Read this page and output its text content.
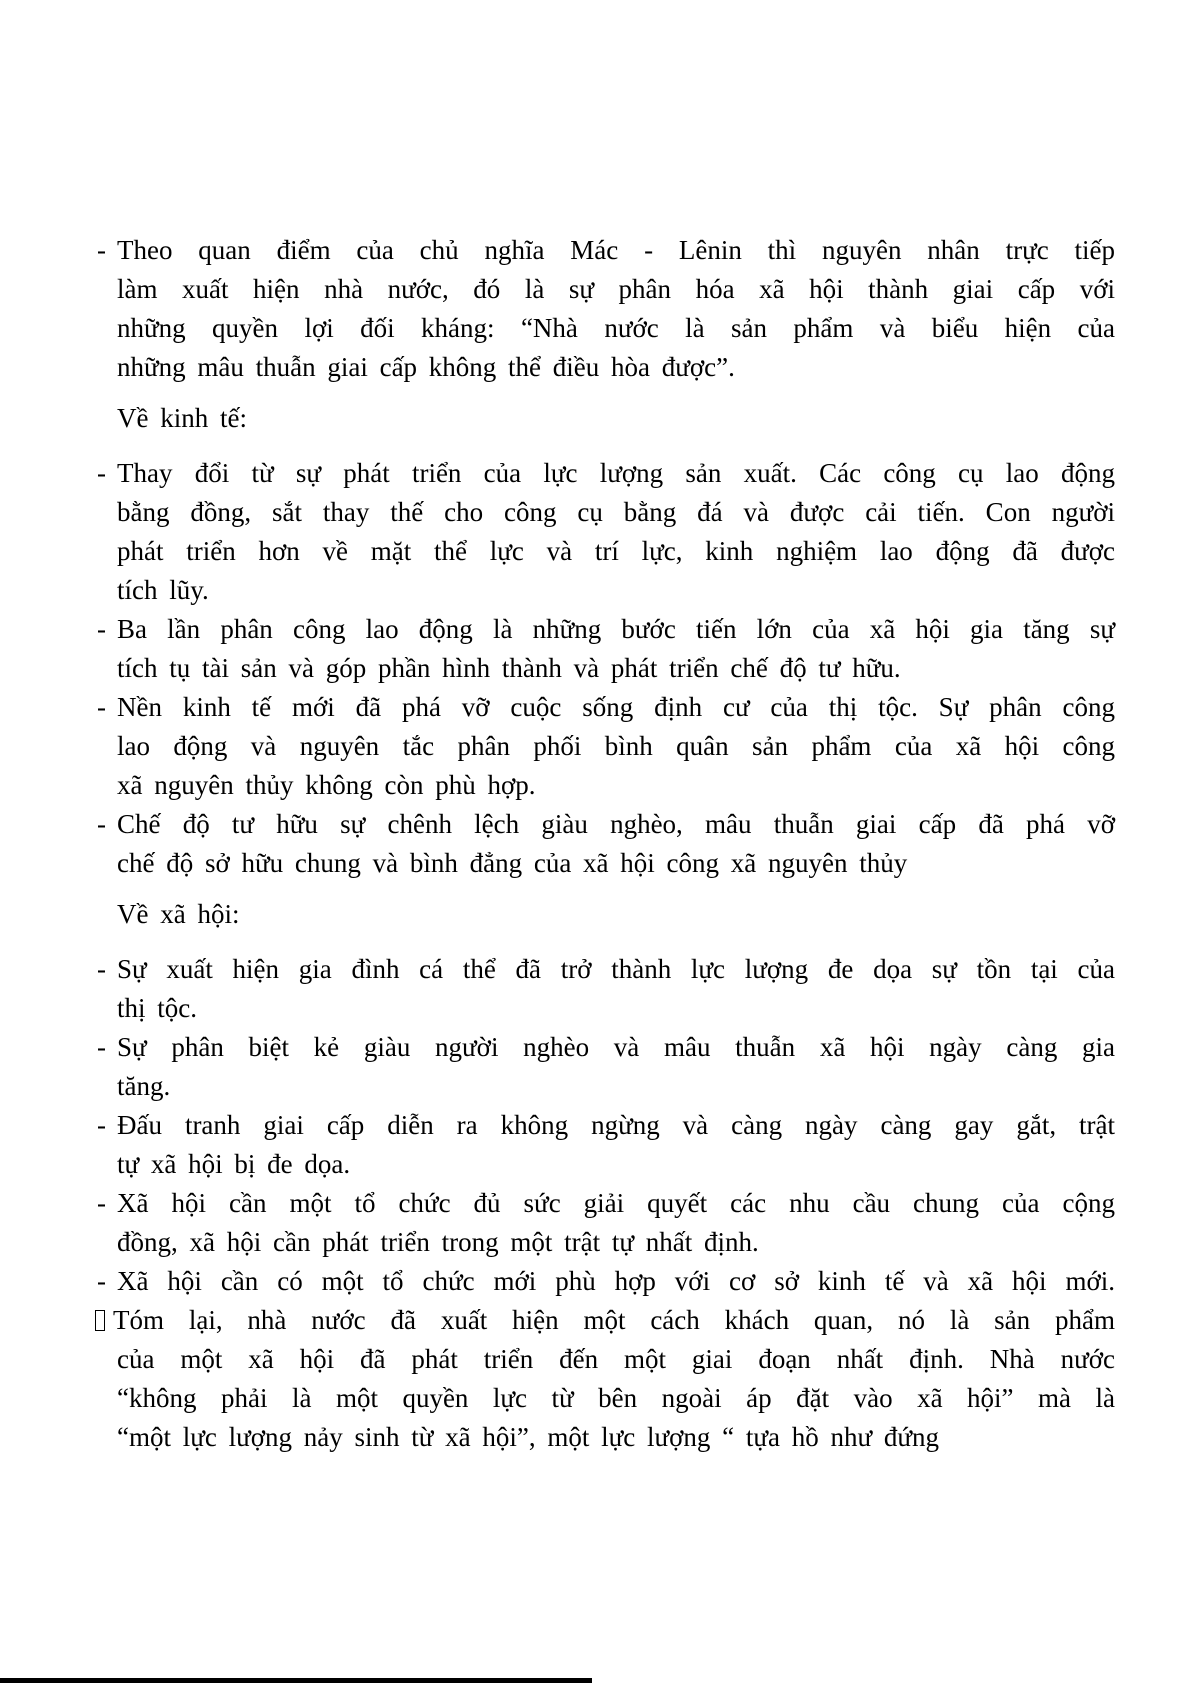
- Theo quan điểm của chủ nghĩa Mác - Lênin thì nguyên nhân trực tiếp
làm xuất hiện nhà nước, đó là sự phân hóa xã hội thành giai cấp với
những quyền lợi đối kháng: “Nhà nước là sản phẩm và biểu hiện của
những mâu thuẫn giai cấp không thể điều hòa được”.
Về kinh tế:
- Thay đổi từ sự phát triển của lực lượng sản xuất. Các công cụ lao động
bằng đồng, sắt thay thế cho công cụ bằng đá và được cải tiến. Con người
phát triển hơn về mặt thể lực và trí lực, kinh nghiệm lao động đã được
tích lũy.
- Ba lần phân công lao động là những bước tiến lớn của xã hội gia tăng sự
tích tụ tài sản và góp phần hình thành và phát triển chế độ tư hữu.
- Nền kinh tế mới đã phá vỡ cuộc sống định cư của thị tộc. Sự phân công
lao động và nguyên tắc phân phối bình quân sản phẩm của xã hội công
xã nguyên thủy không còn phù hợp.
- Chế độ tư hữu sự chênh lệch giàu nghèo, mâu thuẫn giai cấp đã phá vỡ
chế độ sở hữu chung và bình đẳng của xã hội công xã nguyên thủy
Về xã hội:
- Sự xuất hiện gia đình cá thể đã trở thành lực lượng đe dọa sự tồn tại của
thị tộc.
- Sự phân biệt kẻ giàu người nghèo và mâu thuẫn xã hội ngày càng gia
tăng.
- Đấu tranh giai cấp diễn ra không ngừng và càng ngày càng gay gắt, trật
tự xã hội bị đe dọa.
- Xã hội cần một tổ chức đủ sức giải quyết các nhu cầu chung của cộng
đồng, xã hội cần phát triển trong một trật tự nhất định.
- Xã hội cần có một tổ chức mới phù hợp với cơ sở kinh tế và xã hội mới.
Tóm lại, nhà nước đã xuất hiện một cách khách quan, nó là sản phẩm
của một xã hội đã phát triển đến một giai đoạn nhất định. Nhà nước
“không phải là một quyền lực từ bên ngoài áp đặt vào xã hội” mà là
“một lực lượng nảy sinh từ xã hội”, một lực lượng “ tựa hồ như đứng
